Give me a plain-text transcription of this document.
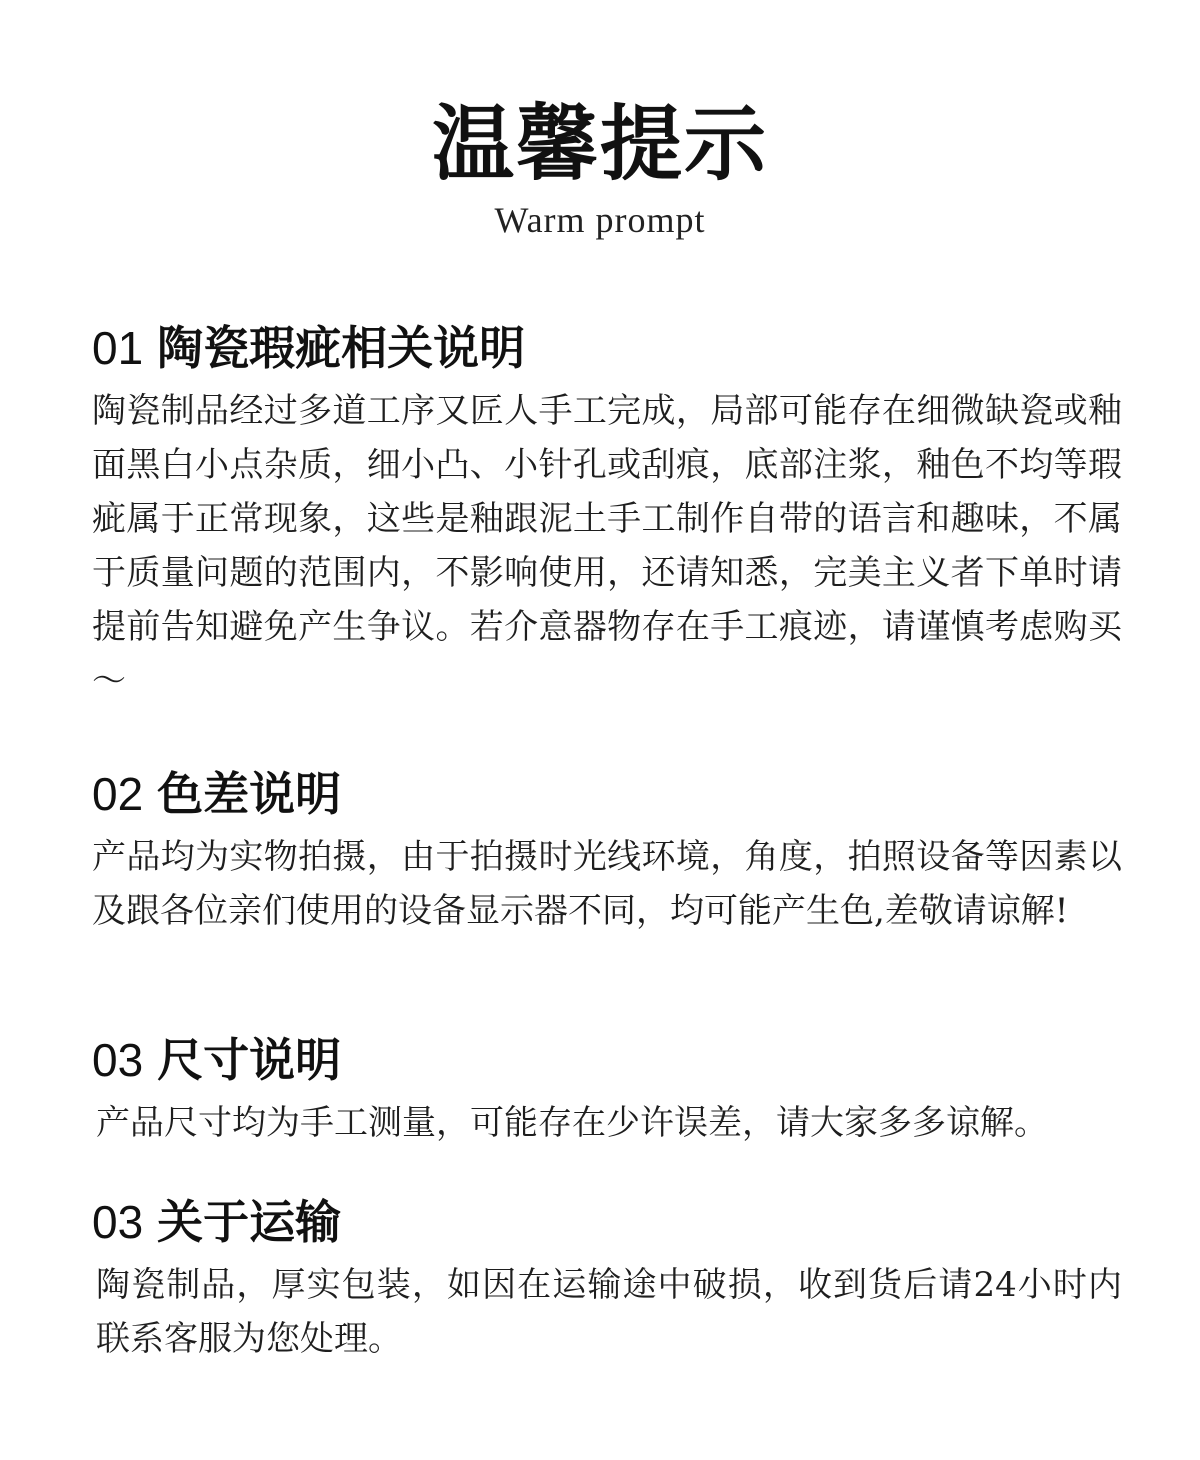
温馨提示
Warm prompt
01 陶瓷瑕疵相关说明
陶瓷制品经过多道工序又匠人手工完成，局部可能存在细微缺瓷或釉面黑白小点杂质，细小凸、小针孔或刮痕，底部注浆，釉色不均等瑕疵属于正常现象，这些是釉跟泥土手工制作自带的语言和趣味，不属于质量问题的范围内，不影响使用，还请知悉，完美主义者下单时请提前告知避免产生争议。若介意器物存在手工痕迹，请谨慎考虑购买～
02 色差说明
产品均为实物拍摄，由于拍摄时光线环境，角度，拍照设备等因素以及跟各位亲们使用的设备显示器不同，均可能产生色,差敬请谅解!
03 尺寸说明
产品尺寸均为手工测量，可能存在少许误差，请大家多多谅解。
03 关于运输
陶瓷制品，厚实包装，如因在运输途中破损，收到货后请24小时内联系客服为您处理。
